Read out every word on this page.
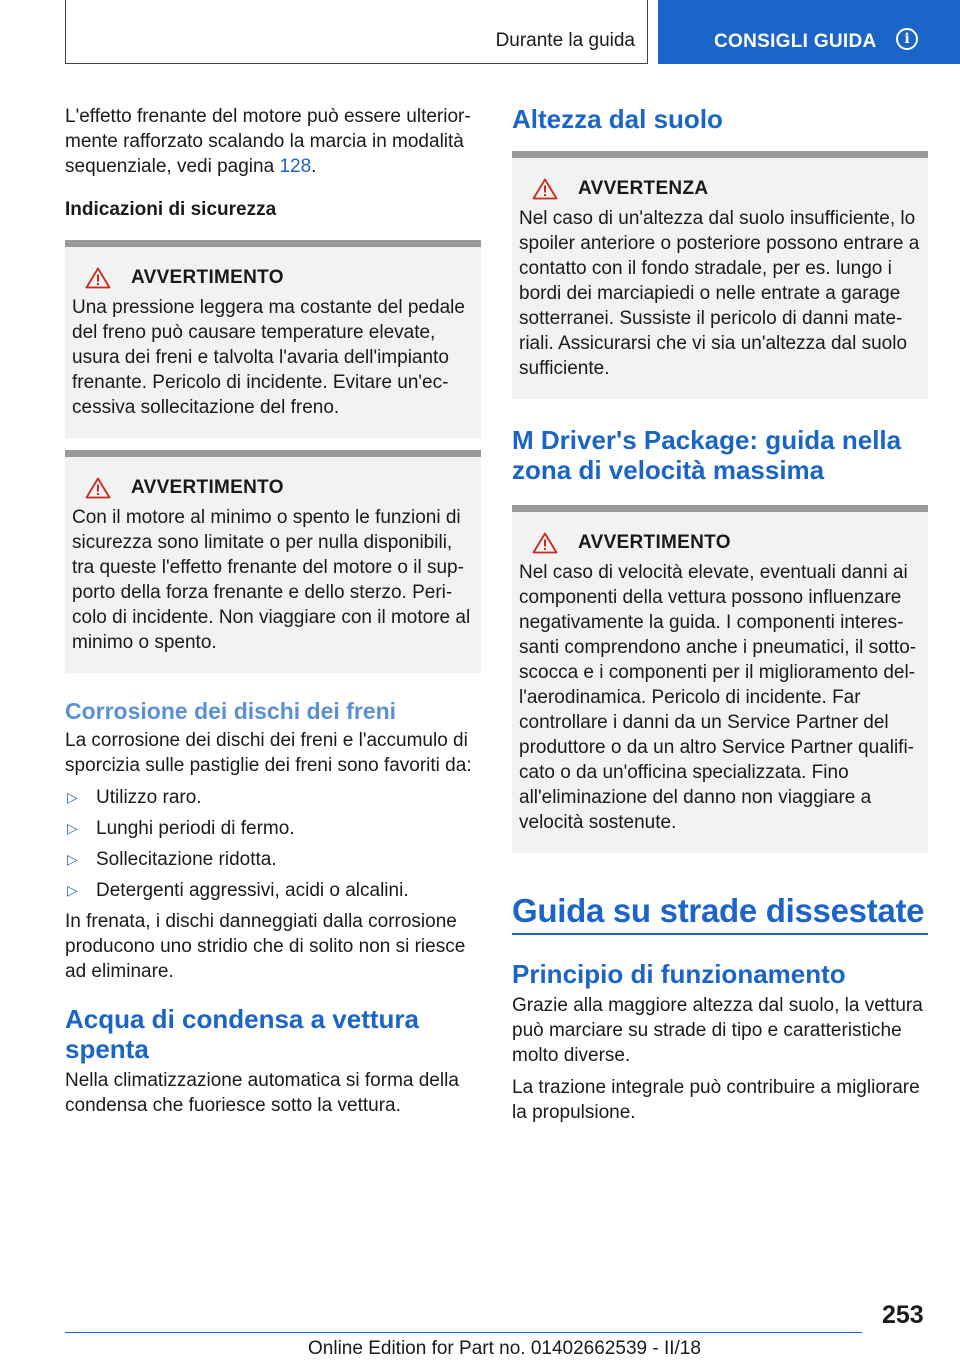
Durante la guida	CONSIGLI GUIDA	i

L'effetto frenante del motore può essere ulteriormente rafforzato scalando la marcia in modalità sequenziale, vedi pagina 128.

Indicazioni di sicurezza

AVVERTIMENTO

Una pressione leggera ma costante del pedale del freno può causare temperature elevate, usura dei freni e talvolta l'avaria dell'impianto frenante. Pericolo di incidente. Evitare un'eccessiva sollecitazione del freno.

AVVERTIMENTO

Con il motore al minimo o spento le funzioni di sicurezza sono limitate o per nulla disponibili, tra queste l'effetto frenante del motore o il supporto della forza frenante e dello sterzo. Pericolo di incidente. Non viaggiare con il motore al minimo o spento.

Corrosione dei dischi dei freni

La corrosione dei dischi dei freni e l'accumulo di sporcizia sulle pastiglie dei freni sono favoriti da:

▷ Utilizzo raro.
▷ Lunghi periodi di fermo.
▷ Sollecitazione ridotta.
▷ Detergenti aggressivi, acidi o alcalini.

In frenata, i dischi danneggiati dalla corrosione producono uno stridio che di solito non si riesce ad eliminare.

Acqua di condensa a vettura spenta

Nella climatizzazione automatica si forma della condensa che fuoriesce sotto la vettura.

Altezza dal suolo

AVVERTENZA

Nel caso di un'altezza dal suolo insufficiente, lo spoiler anteriore o posteriore possono entrare a contatto con il fondo stradale, per es. lungo i bordi dei marciapiedi o nelle entrate a garage sotterranei. Sussiste il pericolo di danni materiali. Assicurarsi che vi sia un'altezza dal suolo sufficiente.

M Driver's Package: guida nella zona di velocità massima

AVVERTIMENTO

Nel caso di velocità elevate, eventuali danni ai componenti della vettura possono influenzare negativamente la guida. I componenti interessanti comprendono anche i pneumatici, il sottoscocca e i componenti per il miglioramento dell'aerodinamica. Pericolo di incidente. Far controllare i danni da un Service Partner del produttore o da un altro Service Partner qualificato o da un'officina specializzata. Fino all'eliminazione del danno non viaggiare a velocità sostenute.

Guida su strade dissestate

Principio di funzionamento

Grazie alla maggiore altezza dal suolo, la vettura può marciare su strade di tipo e caratteristiche molto diverse.

La trazione integrale può contribuire a migliorare la propulsione.

253
Online Edition for Part no. 01402662539 - II/18
